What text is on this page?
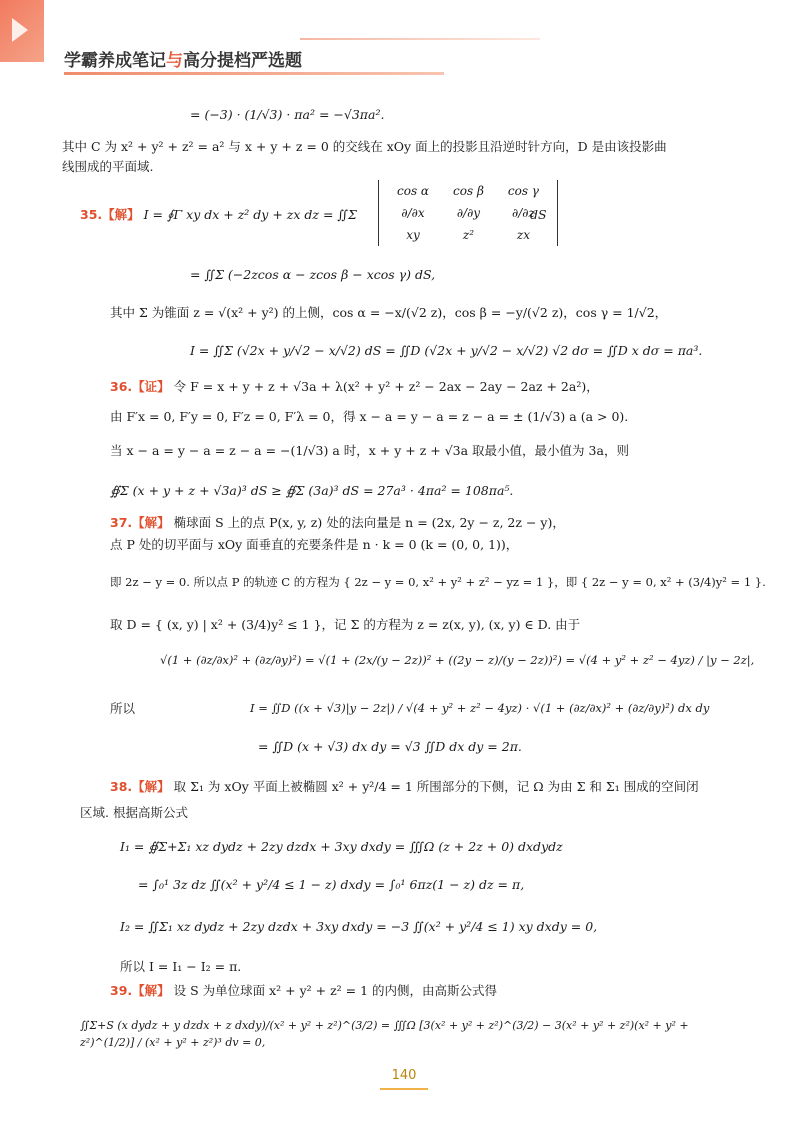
学霸养成笔记与高分提档严选题
= (−3) · (1/√3) · πa² = −√3πa².
其中 C 为 x² + y² + z² = a² 与 x + y + z = 0 的交线在 xOy 面上的投影且沿逆时针方向，D 是由该投影曲
线围成的平面域.
35.【解】 I = ∮Γ xy dx + z² dy + zx dz = ∬Σ
cos α	cos β	cos γ
∂/∂x	∂/∂y	∂/∂z
xy	z²	zx
dS
= ∬Σ (−2zcos α − zcos β − xcos γ) dS,
其中 Σ 为锥面 z = √(x² + y²) 的上侧，cos α = −x/(√2 z)，cos β = −y/(√2 z)，cos γ = 1/√2，
I = ∬Σ (√2x + y/√2 − x/√2) dS = ∬D (√2x + y/√2 − x/√2) √2 dσ = ∬D x dσ = πa³.
36.【证】 令 F = x + y + z + √3a + λ(x² + y² + z² − 2ax − 2ay − 2az + 2a²)，
由 F′x = 0, F′y = 0, F′z = 0, F′λ = 0，得 x − a = y − a = z − a = ± (1/√3) a (a > 0).
当 x − a = y − a = z − a = −(1/√3) a 时，x + y + z + √3a 取最小值，最小值为 3a，则
∯Σ (x + y + z + √3a)³ dS ≥ ∯Σ (3a)³ dS = 27a³ · 4πa² = 108πa⁵.
37.【解】 椭球面 S 上的点 P(x, y, z) 处的法向量是 n = (2x, 2y − z, 2z − y)，
点 P 处的切平面与 xOy 面垂直的充要条件是 n · k = 0 (k = (0, 0, 1))，
即 2z − y = 0. 所以点 P 的轨迹 C 的方程为 { 2z − y = 0, x² + y² + z² − yz = 1 }，即 { 2z − y = 0, x² + (3/4)y² = 1 }.
取 D = { (x, y) | x² + (3/4)y² ≤ 1 }，记 Σ 的方程为 z = z(x, y), (x, y) ∈ D. 由于
√(1 + (∂z/∂x)² + (∂z/∂y)²) = √(1 + (2x/(y − 2z))² + ((2y − z)/(y − 2z))²) = √(4 + y² + z² − 4yz) / |y − 2z|,
所以	I = ∬D ((x + √3)|y − 2z|) / √(4 + y² + z² − 4yz) · √(1 + (∂z/∂x)² + (∂z/∂y)²) dx dy
= ∬D (x + √3) dx dy = √3 ∬D dx dy = 2π.
38.【解】 取 Σ₁ 为 xOy 平面上被椭圆 x² + y²/4 = 1 所围部分的下侧，记 Ω 为由 Σ 和 Σ₁ 围成的空间闭
区域. 根据高斯公式
I₁ = ∯Σ+Σ₁ xz dydz + 2zy dzdx + 3xy dxdy = ∭Ω (z + 2z + 0) dxdydz
= ∫₀¹ 3z dz ∬(x² + y²/4 ≤ 1 − z) dxdy = ∫₀¹ 6πz(1 − z) dz = π,
I₂ = ∬Σ₁ xz dydz + 2zy dzdx + 3xy dxdy = −3 ∬(x² + y²/4 ≤ 1) xy dxdy = 0,
所以 I = I₁ − I₂ = π.
39.【解】 设 S 为单位球面 x² + y² + z² = 1 的内侧，由高斯公式得
∬Σ+S (x dydz + y dzdx + z dxdy)/(x² + y² + z²)^(3/2) = ∭Ω [3(x² + y² + z²)^(3/2) − 3(x² + y² + z²)(x² + y² + z²)^(1/2)] / (x² + y² + z²)³ dv = 0,
140
